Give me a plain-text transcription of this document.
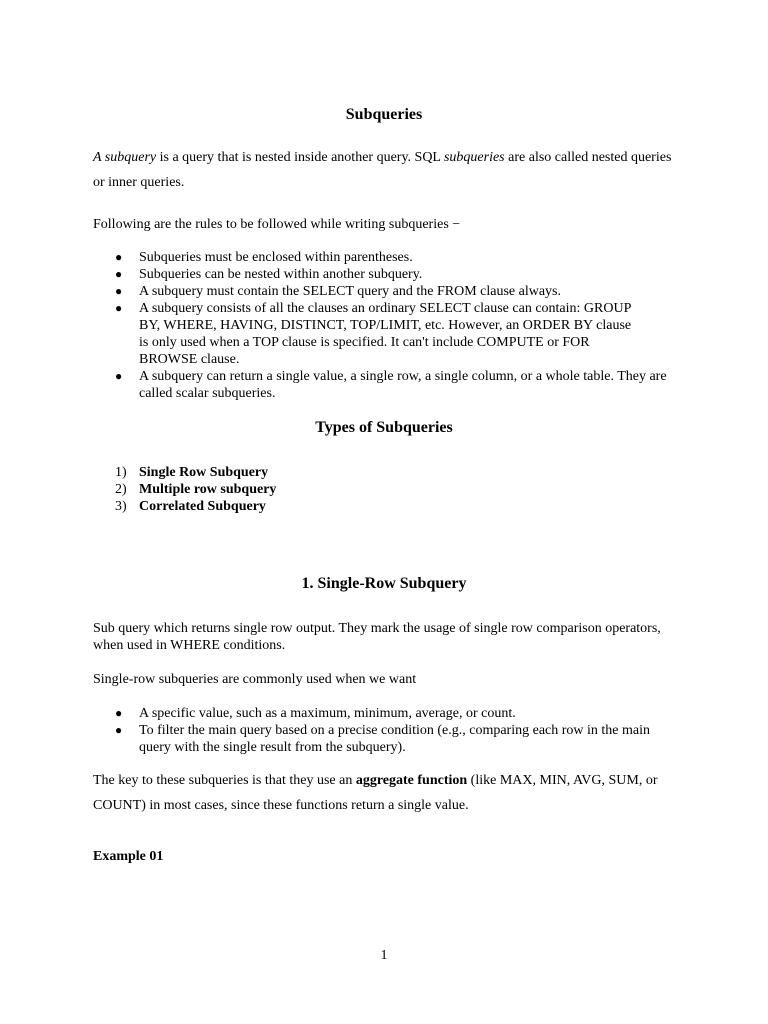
Subqueries

A subquery is a query that is nested inside another query. SQL subqueries are also called nested queries or inner queries.

Following are the rules to be followed while writing subqueries −

● Subqueries must be enclosed within parentheses.
● Subqueries can be nested within another subquery.
● A subquery must contain the SELECT query and the FROM clause always.
● A subquery consists of all the clauses an ordinary SELECT clause can contain: GROUP BY, WHERE, HAVING, DISTINCT, TOP/LIMIT, etc. However, an ORDER BY clause is only used when a TOP clause is specified. It can't include COMPUTE or FOR BROWSE clause.
● A subquery can return a single value, a single row, a single column, or a whole table. They are called scalar subqueries.
Types of Subqueries
1) Single Row Subquery
2) Multiple row subquery
3) Correlated Subquery
1. Single-Row Subquery

Sub query which returns single row output. They mark the usage of single row comparison operators, when used in WHERE conditions.

Single-row subqueries are commonly used when we want

● A specific value, such as a maximum, minimum, average, or count.
● To filter the main query based on a precise condition (e.g., comparing each row in the main query with the single result from the subquery).

The key to these subqueries is that they use an aggregate function (like MAX, MIN, AVG, SUM, or COUNT) in most cases, since these functions return a single value.

Example 01

1
